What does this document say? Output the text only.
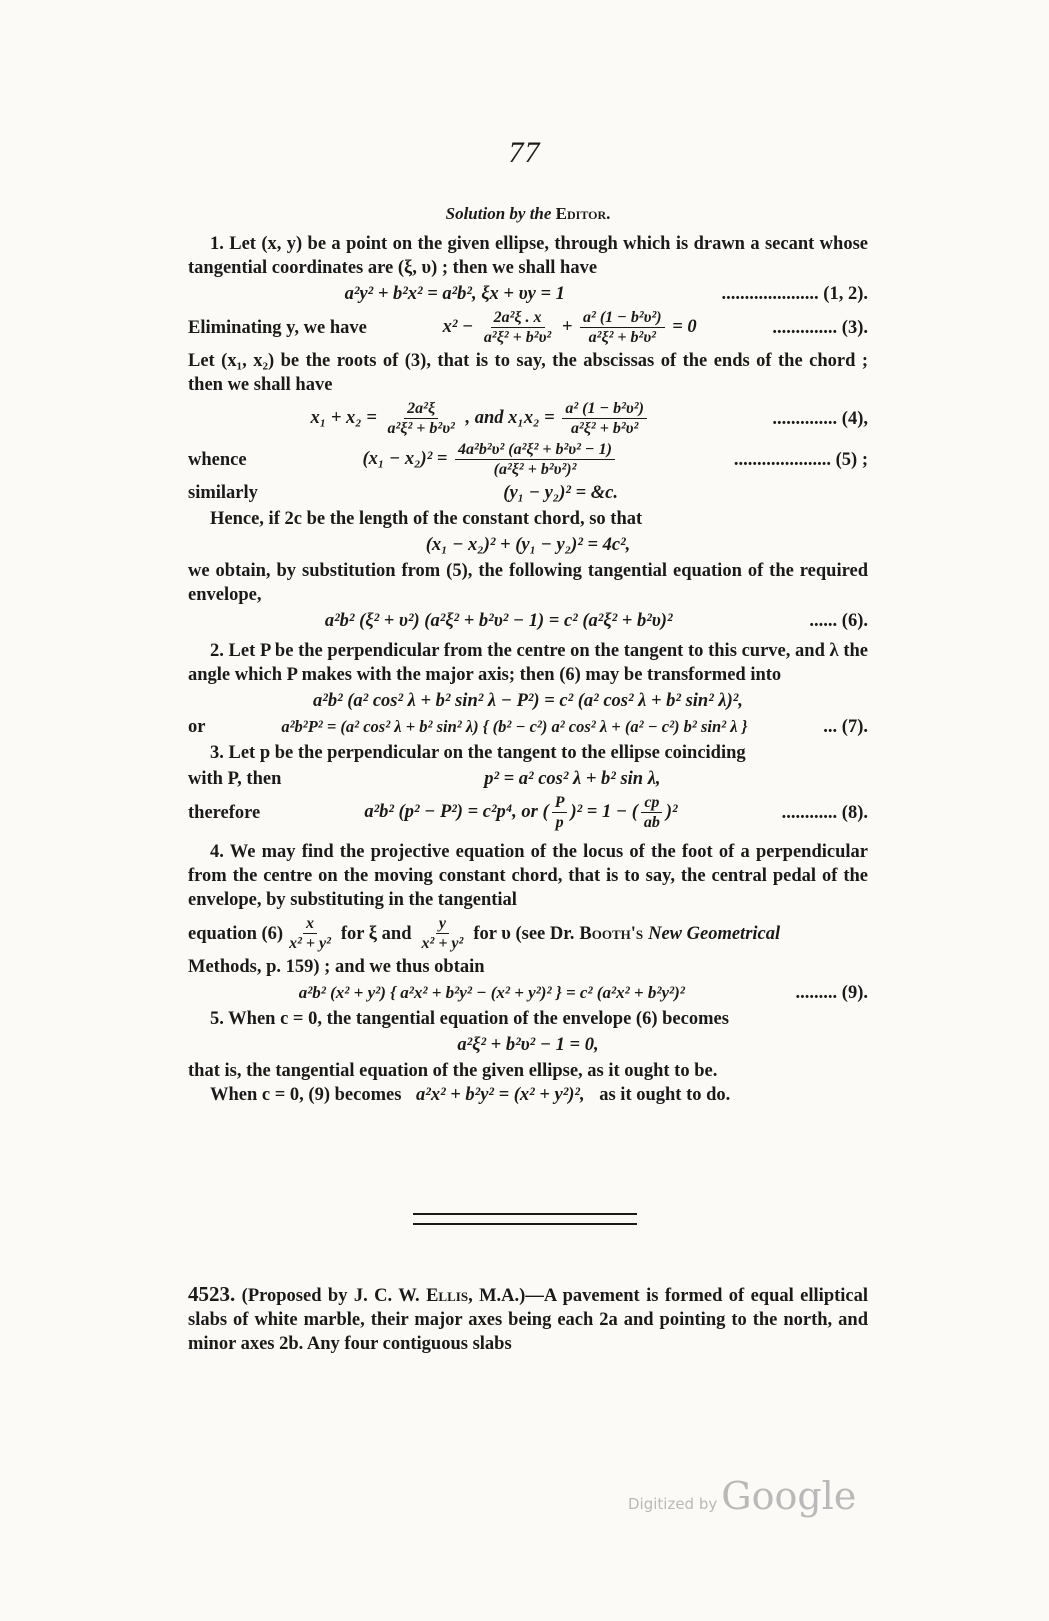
77
Solution by the Editor.

1. Let (x, y) be a point on the given ellipse, through which is drawn a secant whose tangential coordinates are (ξ, υ) ; then we shall have

a²y² + b²x² = a²b², ξx + υy = 1	..................... (1, 2).
Eliminating y, we have	$x^2 - \frac{\text{2a²ξ . x}}{\text{a²ξ² + b²υ²}} + \frac{\text{a² (1 − b²υ²)}}{\text{a²ξ² + b²υ²}} = 0$	.............. (3).

Let (x₁, x₂) be the roots of (3), that is to say, the abscissas of the ends of the chord ; then we shall have

$x_1 + x_2 = \frac{\text{2a²ξ}}{\text{a²ξ² + b²υ²}}$ , and $x_1x_2 = \frac{\text{a² (1 − b²υ²)}}{\text{a²ξ² + b²υ²}}$	.............. (4),
whence	$(x_1 - x_2)^2 = \frac{\text{4a²b²υ² (a²ξ² + b²υ² − 1)}}{\text{(a²ξ² + b²υ²)²}}$	..................... (5) ;
similarly	(y₁ − y₂)² = &c.

Hence, if 2c be the length of the constant chord, so that

(x₁ − x₂)² + (y₁ − y₂)² = 4c²,

we obtain, by substitution from (5), the following tangential equation of the required envelope,

a²b² (ξ² + υ²) (a²ξ² + b²υ² − 1) = c² (a²ξ² + b²υ)²	...... (6).

2. Let P be the perpendicular from the centre on the tangent to this curve, and λ the angle which P makes with the major axis; then (6) may be transformed into

a²b² (a² cos² λ + b² sin² λ − P²) = c² (a² cos² λ + b² sin² λ)²,
or	a²b²P² = (a² cos² λ + b² sin² λ) { (b² − c²) a² cos² λ + (a² − c²) b² sin² λ }	... (7).

3. Let p be the perpendicular on the tangent to the ellipse coinciding

with P, then	p² = a² cos² λ + b² sin λ,

therefore	a²b² (p² − P²) = c²p⁴, or ( $\frac{P}{p} )^2 = 1$ − ( $\frac{cp}{ab} )^2$	............ (8).

4. We may find the projective equation of the locus of the foot of a perpendicular from the centre on the moving constant chord, that is to say, the central pedal of the envelope, by substituting in the tangential

equation $(6) \frac{x}{\text{x² + y²}}$ for ξ and $\frac{y}{\text{x² + y²}}$ for υ (see Dr. Booth's New Geometrical

Methods, p. 159) ; and we thus obtain

a²b² (x² + y²) { a²x² + b²y² − (x² + y²)² } = c² (a²x² + b²y²)²	......... (9).

5. When c = 0, the tangential equation of the envelope (6) becomes

a²ξ² + b²υ² − 1 = 0,

that is, the tangential equation of the given ellipse, as it ought to be.

When c = 0, (9) becomes a²x² + b²y² = (x² + y²)², as it ought to do.

4523. (Proposed by J. C. W. Ellis, M.A.)—A pavement is formed of equal elliptical slabs of white marble, their major axes being each 2a and pointing to the north, and minor axes 2b. Any four contiguous slabs
Digitized by Google
